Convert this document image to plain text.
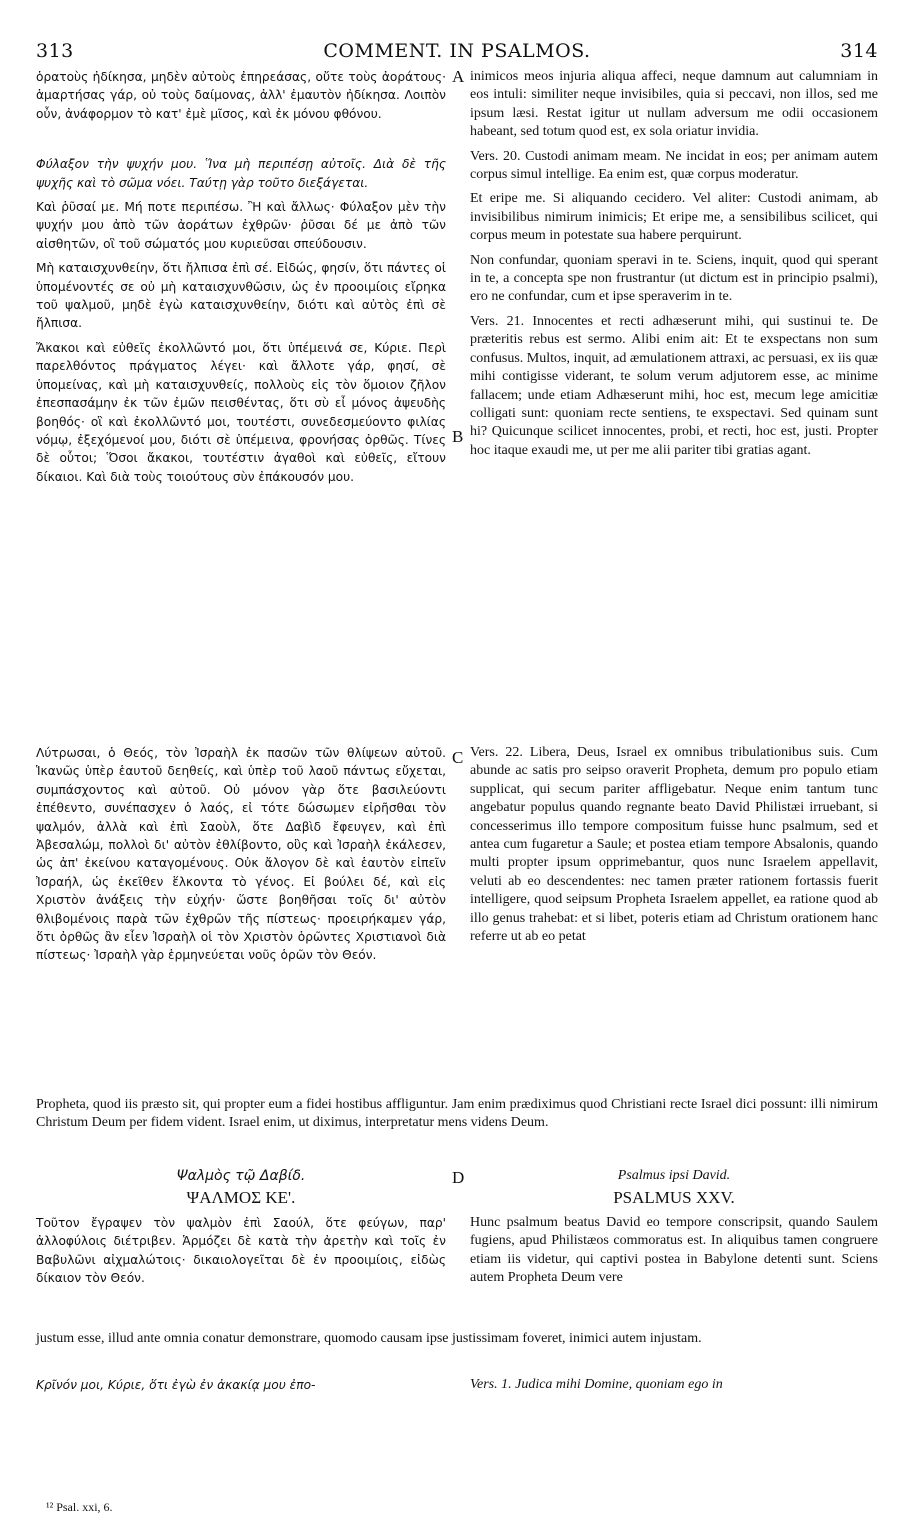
313	COMMENT. IN PSALMOS.	314
A
B
C
D

ὁρατοὺς ἠδίκησα, μηδὲν αὐτοὺς ἐπηρεάσας, οὔτε τοὺς ἀοράτους· ἁμαρτήσας γάρ, οὐ τοὺς δαίμονας, ἀλλ' ἐμαυτὸν ἠδίκησα. Λοιπὸν οὖν, ἀνάφορμον τὸ κατ' ἐμὲ μῖσος, καὶ ἐκ μόνου φθόνου.

Φύλαξον τὴν ψυχήν μου. Ἵνα μὴ περιπέσῃ αὐτοῖς. Διὰ δὲ τῆς ψυχῆς καὶ τὸ σῶμα νόει. Ταύτῃ γὰρ τοῦτο διεξάγεται.

Καὶ ῥῦσαί με. Μή ποτε περιπέσω. Ἢ καὶ ἄλλως· Φύλαξον μὲν τὴν ψυχήν μου ἀπὸ τῶν ἀοράτων ἐχθρῶν· ῥῦσαι δέ με ἀπὸ τῶν αἰσθητῶν, οἳ τοῦ σώματός μου κυριεῦσαι σπεύδουσιν.

Μὴ καταισχυνθείην, ὅτι ἤλπισα ἐπὶ σέ. Εἰδώς, φησίν, ὅτι πάντες οἱ ὑπομένοντές σε οὐ μὴ καταισχυνθῶσιν, ὡς ἐν προοιμίοις εἴρηκα τοῦ ψαλμοῦ, μηδὲ ἐγὼ καταισχυνθείην, διότι καὶ αὐτὸς ἐπὶ σὲ ἤλπισα.

Ἄκακοι καὶ εὐθεῖς ἐκολλῶντό μοι, ὅτι ὑπέμεινά σε, Κύριε. Περὶ παρελθόντος πράγματος λέγει· καὶ ἄλλοτε γάρ, φησί, σὲ ὑπομείνας, καὶ μὴ καταισχυνθείς, πολλοὺς εἰς τὸν ὅμοιον ζῆλον ἐπεσπασάμην ἐκ τῶν ἐμῶν πεισθέντας, ὅτι σὺ εἶ μόνος ἀψευδὴς βοηθός· οἳ καὶ ἐκολλῶντό μοι, τουτέστι, συνεδεσμεύοντο φιλίας νόμῳ, ἐξεχόμενοί μου, διότι σὲ ὑπέμεινα, φρονήσας ὀρθῶς. Τίνες δὲ οὗτοι; Ὅσοι ἄκακοι, τουτέστιν ἀγαθοὶ καὶ εὐθεῖς, εἴτουν δίκαιοι. Καὶ διὰ τοὺς τοιούτους σὺν ἐπάκουσόν μου.

inimicos meos injuria aliqua affeci, neque damnum aut calumniam in eos intuli: similiter neque invisibiles, quia si peccavi, non illos, sed me ipsum læsi. Restat igitur ut nullam adversum me odii occasionem habeant, sed totum quod est, ex sola oriatur invidia.

Vers. 20. Custodi animam meam. Ne incidat in eos; per animam autem corpus simul intellige. Ea enim est, quæ corpus moderatur.

Et eripe me. Si aliquando cecidero. Vel aliter: Custodi animam, ab invisibilibus nimirum inimicis; Et eripe me, a sensibilibus scilicet, qui corpus meum in potestate sua habere perquirunt.

Non confundar, quoniam speravi in te. Sciens, inquit, quod qui sperant in te, a concepta spe non frustrantur (ut dictum est in principio psalmi), ero ne confundar, cum et ipse speraverim in te.

Vers. 21. Innocentes et recti adhæserunt mihi, qui sustinui te. De præteritis rebus est sermo. Alibi enim ait: Et te exspectans non sum confusus. Multos, inquit, ad æmulationem attraxi, ac persuasi, ex iis quæ mihi contigisse viderant, te solum verum adjutorem esse, ac minime fallacem; unde etiam Adhæserunt mihi, hoc est, mecum lege amicitiæ colligati sunt: quoniam recte sentiens, te exspectavi. Sed quinam sunt hi? Quicunque scilicet innocentes, probi, et recti, hoc est, justi. Propter hoc itaque exaudi me, ut per me alii pariter tibi gratias agant.

Λύτρωσαι, ὁ Θεός, τὸν Ἰσραὴλ ἐκ πασῶν τῶν θλίψεων αὐτοῦ. Ἱκανῶς ὑπὲρ ἑαυτοῦ δεηθείς, καὶ ὑπὲρ τοῦ λαοῦ πάντως εὔχεται, συμπάσχοντος καὶ αὐτοῦ. Οὐ μόνον γὰρ ὅτε βασιλεύοντι ἐπέθεντο, συνέπασχεν ὁ λαός, εἰ τότε δώσωμεν εἰρῆσθαι τὸν ψαλμόν, ἀλλὰ καὶ ἐπὶ Σαοὺλ, ὅτε Δαβὶδ ἔφευγεν, καὶ ἐπὶ Ἀβεσαλώμ, πολλοὶ δι' αὐτὸν ἐθλίβοντο, οὓς καὶ Ἰσραὴλ ἐκάλεσεν, ὡς ἀπ' ἐκείνου καταγομένους. Οὐκ ἄλογον δὲ καὶ ἑαυτὸν εἰπεῖν Ἰσραήλ, ὡς ἐκεῖθεν ἕλκοντα τὸ γένος. Εἰ βούλει δέ, καὶ εἰς Χριστὸν ἀνάξεις τὴν εὐχήν· ὥστε βοηθῆσαι τοῖς δι' αὐτὸν θλιβομένοις παρὰ τῶν ἐχθρῶν τῆς πίστεως· προειρήκαμεν γάρ, ὅτι ὀρθῶς ἂν εἶεν Ἰσραὴλ οἱ τὸν Χριστὸν ὁρῶντες Χριστιανοὶ διὰ πίστεως· Ἰσραὴλ γὰρ ἑρμηνεύεται νοῦς ὁρῶν τὸν Θεόν.

Vers. 22. Libera, Deus, Israel ex omnibus tribulationibus suis. Cum abunde ac satis pro seipso oraverit Propheta, demum pro populo etiam supplicat, qui secum pariter affligebatur. Neque enim tantum tunc angebatur populus quando regnante beato David Philistæi irruebant, si concesserimus illo tempore compositum fuisse hunc psalmum, sed et antea cum fugaretur a Saule; et postea etiam tempore Absalonis, quando multi propter ipsum opprimebantur, quos nunc Israelem appellavit, veluti ab eo descendentes: nec tamen præter rationem fortassis fuerit intelligere, quod seipsum Propheta Israelem appellet, ea ratione quod ab illo genus trahebat: et si libet, poteris etiam ad Christum orationem hanc referre ut ab eo petat

Propheta, quod iis præsto sit, qui propter eum a fidei hostibus affliguntur. Jam enim prædiximus quod Christiani recte Israel dici possunt: illi nimirum Christum Deum per fidem vident. Israel enim, ut diximus, interpretatur mens videns Deum.
Ψαλμὸς τῷ Δαβίδ.
ΨΑΛΜΟΣ ΚΕ'.
Psalmus ipsi David.
PSALMUS XXV.

Τοῦτον ἔγραψεν τὸν ψαλμὸν ἐπὶ Σαούλ, ὅτε φεύγων, παρ' ἀλλοφύλοις διέτριβεν. Ἁρμόζει δὲ κατὰ τὴν ἀρετὴν καὶ τοῖς ἐν Βαβυλῶνι αἰχμαλώτοις· δικαιολογεῖται δὲ ἐν προοιμίοις, εἰδὼς δίκαιον τὸν Θεόν.

Hunc psalmum beatus David eo tempore conscripsit, quando Saulem fugiens, apud Philistæos commoratus est. In aliquibus tamen congruere etiam iis videtur, qui captivi postea in Babylone detenti sunt. Sciens autem Propheta Deum vere

justum esse, illud ante omnia conatur demonstrare, quomodo causam ipse justissimam foveret, inimici autem injustam.
Κρῖνόν μοι, Κύριε, ὅτι ἐγὼ ἐν ἀκακίᾳ μου ἐπο-	Vers. 1. Judica mihi Domine, quoniam ego in
¹² Psal. xxi, 6.
